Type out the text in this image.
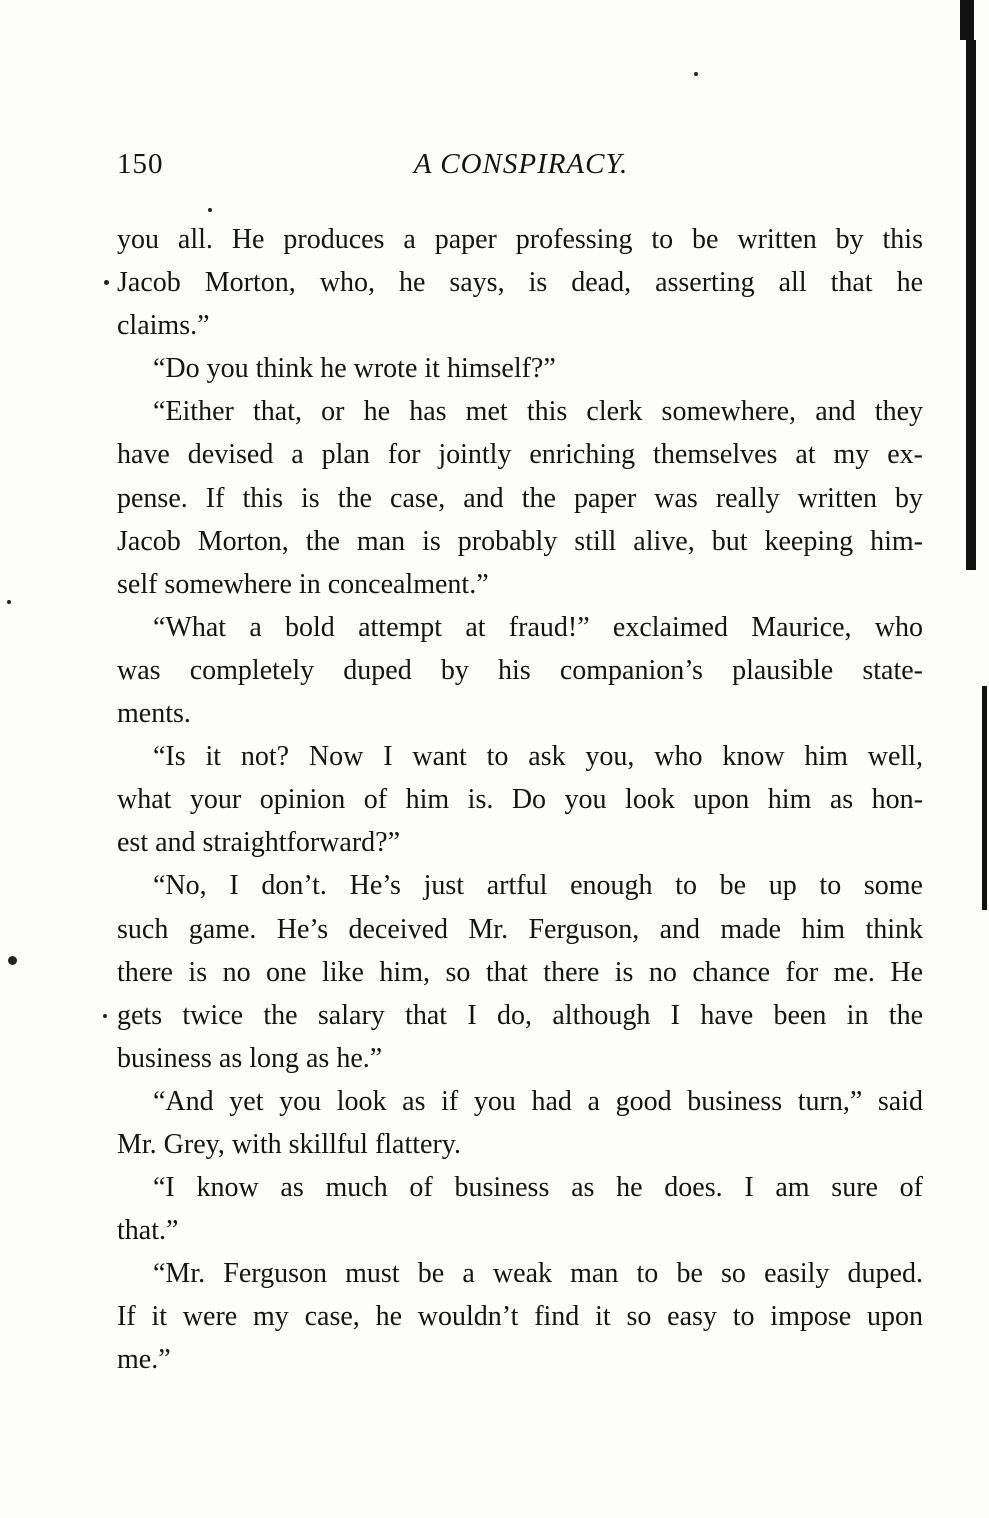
150	A CONSPIRACY.
you all. He produces a paper professing to be written by this
Jacob Morton, who, he says, is dead, asserting all that he
claims.”
“Do you think he wrote it himself?”
“Either that, or he has met this clerk somewhere, and they
have devised a plan for jointly enriching themselves at my ex-
pense. If this is the case, and the paper was really written by
Jacob Morton, the man is probably still alive, but keeping him-
self somewhere in concealment.”
“What a bold attempt at fraud!” exclaimed Maurice, who
was completely duped by his companion’s plausible state-
ments.
“Is it not? Now I want to ask you, who know him well,
what your opinion of him is. Do you look upon him as hon-
est and straightforward?”
“No, I don’t. He’s just artful enough to be up to some
such game. He’s deceived Mr. Ferguson, and made him think
there is no one like him, so that there is no chance for me. He
gets twice the salary that I do, although I have been in the
business as long as he.”
“And yet you look as if you had a good business turn,” said
Mr. Grey, with skillful flattery.
“I know as much of business as he does. I am sure of
that.”
“Mr. Ferguson must be a weak man to be so easily duped.
If it were my case, he wouldn’t find it so easy to impose upon
me.”
